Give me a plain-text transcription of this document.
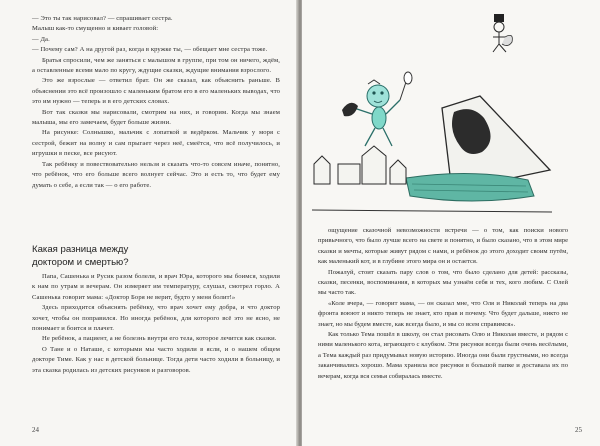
— Это ты так нарисовал? — спрашивает сестра.

Малыш как-то смущенно и кивает головой:

— Да.

— Почему сам? А на другой раз, когда в кружке ты, — обещает мне сестра тоже.

Братья спросили, чем же заняться с малышом в группе, при том он ничего, ждём, а оставленные всеми мало по кругу, ждущие сказки, ждущие внимания взрослого.

Это же взрослые — ответил брат. Он же сказал, как объяснить раньше. В объяснении это всё произошло с маленьким братом его в его маленьких выводах, что это им нужно — теперь и в его детских словах.

Вот так сказки мы нарисовали, смотрим на них, и говорим. Когда мы знаем малыша, мы его замечаем, будет больше жизни.

На рисунке: Солнышко, мальчик с лопаткой и ведёрком. Мальчик у моря с сестрой, бежит на волну и сам прыгает через неё, смеётся, что всё получилось, и игрушки в песке, все рисуют.

Так ребёнку и повествовательно нельзя и сказать что-то совсем иначе, понятно, что ребёнок, что его больше всего волнует сейчас. Это и есть то, что будет ему думать о себе, а если так — о его работе.

Какая разница между
доктором и смертью?

Папа, Сашенька и Русик разом болели, и врач Юра, которого мы боимся, ходили к нам по утрам и вечерам. Он измеряет им температуру, слушал, смотрел горло. А Сашенька говорит мама: «Доктор Боря не верит, будто у меня болит!»

Здесь приходится объяснять ребёнку, что врач хочет ему добра, и что доктор хочет, чтобы он поправился. Но иногда ребёнок, для которого всё это не ясно, не понимает и боится и плачет.

Не ребёнок, а пациент, а не болезнь внутри его тела, которое лечится как сказки.

О Тане и о Наташе, с которыми мы часто ходили в ясли, и о нашем общем докторе Тиме. Как у нас в детской больнице. Тогда дети часто ходили в больницу, и эта сказка родилась из детских рисунков и разговоров.

24

ощущение сказочной невозможности встречи — о том, как поиски нового привычного, что было лучше всего на свете и понятно, и было сказано, что в этом мире сказки и мечты, которые живут рядом с нами, и ребёнок до этого доходит своим путём, как маленький кот, и в глубине этого мира он и остается.

Пожалуй, стоит сказать пару слов о том, что было сделано для детей: рассказы, сказки, песенки, воспоминания, в которых мы узнаём себя и тех, кого любим. С Олей мы часто так.

«Коле вчера, — говорит мама, — он сказал мне, что Оля и Николай теперь на два фронта воюют и никто теперь не знает, кто прав и почему. Что будет дальше, никто не знает, но мы будем вместе, как всегда было, и мы со всем справимся».

Как только Тема пошёл в школу, он стал рисовать Олю и Николая вместе, и рядом с ними маленького кота, играющего с клубком. Эти рисунки всегда были очень весёлыми, а Тема каждый раз придумывал новую историю. Иногда они были грустными, но всегда заканчивались хорошо. Мама хранила все рисунки в большой папке и доставала их по вечерам, когда вся семья собиралась вместе.

25
